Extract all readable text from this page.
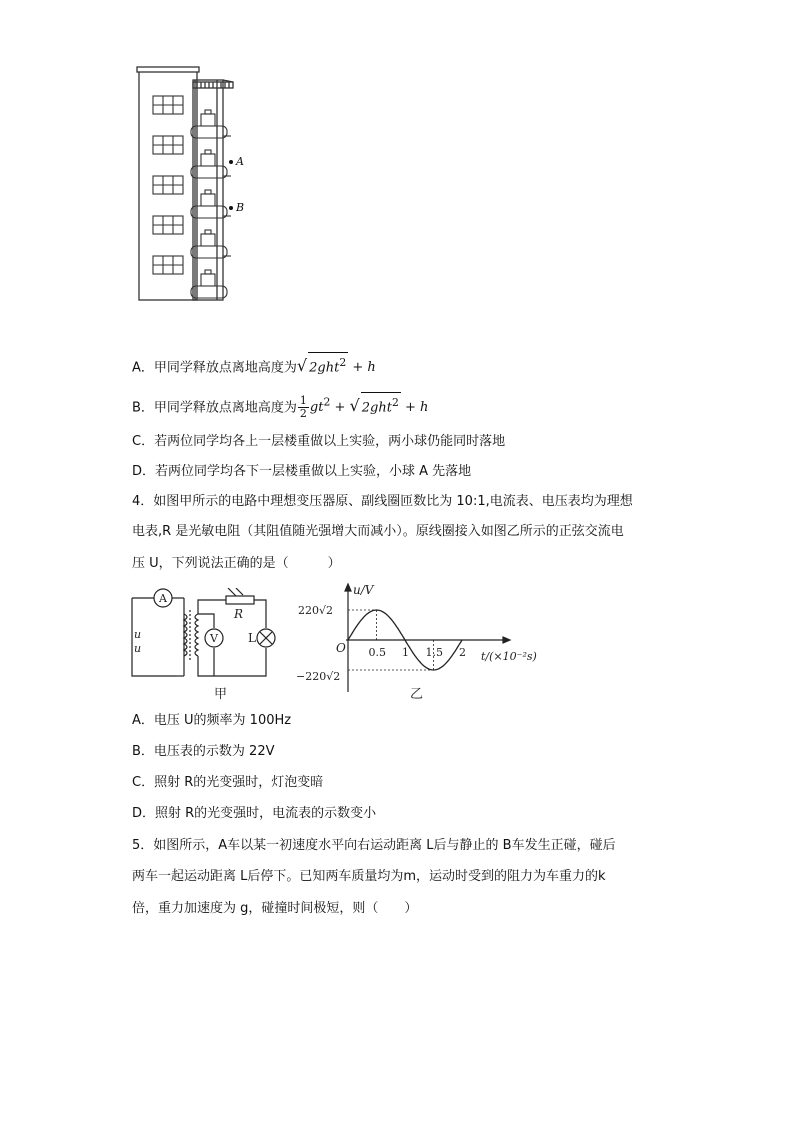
A
B
A．甲同学释放点离地高度为√ 2ght$^2$ + h
B．甲同学释放点离地高度为 $\frac{1}{2} gt^2$ + √ 2ght$^2$ + h
C．若两位同学均各上一层楼重做以上实验，两小球仍能同时落地
D．若两位同学均各下一层楼重做以上实验，小球 A 先落地
4．如图甲所示的电路中理想变压器原、副线圈匝数比为 10:1,电流表、电压表均为理想
电表,R 是光敏电阻（其阻值随光强增大而减小）。原线圈接入如图乙所示的正弦交流电
压 U，下列说法正确的是（　　　）
A
V
R
L
u
u
甲
u/V
O
220√2
−220√2
0.5 1 1.5 2 t/(×10⁻²s)
乙
A．电压 U的频率为 100Hz
B．电压表的示数为 22V
C．照射 R的光变强时，灯泡变暗
D．照射 R的光变强时，电流表的示数变小
5．如图所示，A车以某一初速度水平向右运动距离 L后与静止的 B车发生正碰，碰后
两车一起运动距离 L后停下。已知两车质量均为m，运动时受到的阻力为车重力的k
倍，重力加速度为 g，碰撞时间极短，则（　　）
